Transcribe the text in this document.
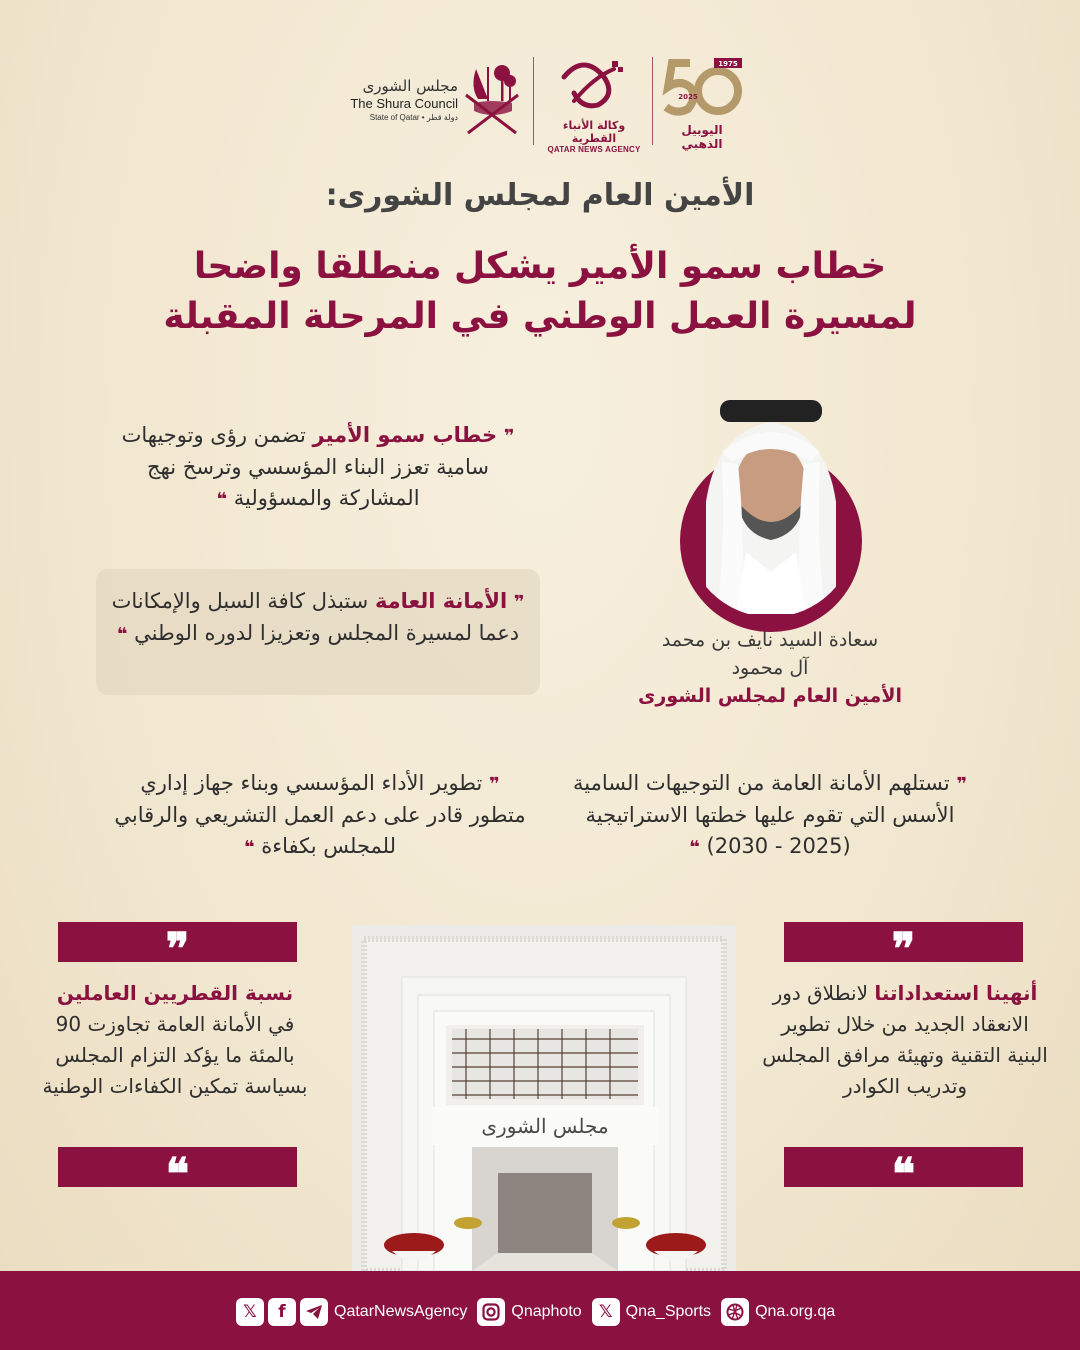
مجلس الشورى
The Shura Council
State of Qatar • دولة قطر
وكالة الأنباء القطرية
QATAR NEWS AGENCY
1975
2025
اليوبيل الذهبي
الأمين العام لمجلس الشورى:
خطاب سمو الأمير يشكل منطلقا واضحا
لمسيرة العمل الوطني في المرحلة المقبلة
❞ خطاب سمو الأمير تضمن رؤى وتوجيهات سامية تعزز البناء المؤسسي وترسخ نهج المشاركة والمسؤولية ❝
❞ الأمانة العامة ستبذل كافة السبل والإمكانات دعما لمسيرة المجلس وتعزيزا لدوره الوطني ❝	سعادة السيد نايف بن محمد
آل محمود
الأمين العام لمجلس الشورى
❞ تطوير الأداء المؤسسي وبناء جهاز إداري متطور قادر على دعم العمل التشريعي والرقابي للمجلس بكفاءة ❝
❞ تستلهم الأمانة العامة من التوجيهات السامية الأسس التي تقوم عليها خطتها الاستراتيجية (2025 - 2030) ❝
مجلس الشورى
❞
نسبة القطريين العاملين
في الأمانة العامة تجاوزت 90 بالمئة ما يؤكد التزام المجلس بسياسة تمكين الكفاءات الوطنية
❝
❞
أنهينا استعداداتنا لانطلاق دور الانعقاد الجديد من خلال تطوير البنية التقنية وتهيئة مرافق المجلس وتدريب الكوادر
❝
𝕏	f	QatarNewsAgency	Qnaphoto	𝕏 Qna_Sports	Qna.org.qa
